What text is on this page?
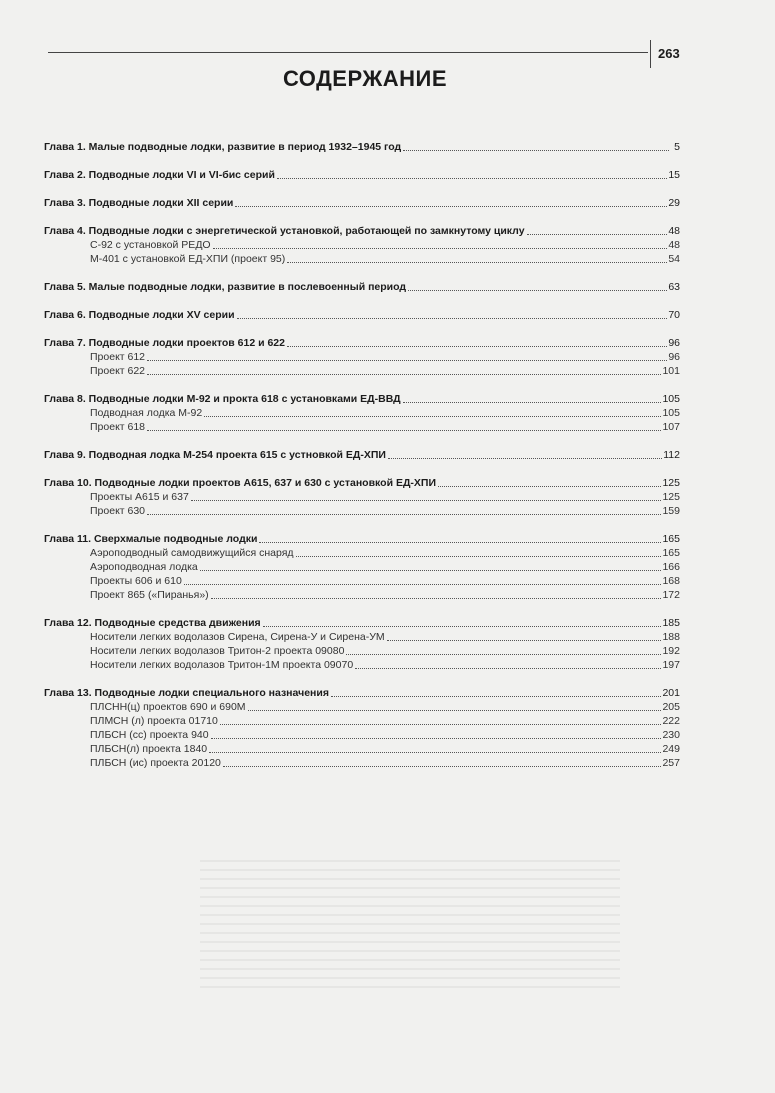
263
СОДЕРЖАНИЕ
Глава 1. Малые подводные лодки, развитие в период 1932–1945 год	5
Глава 2. Подводные лодки VI и VI-бис серий	15
Глава 3. Подводные лодки XII серии	29
Глава 4. Подводные лодки с энергетической установкой, работающей по замкнутому циклу	48
С-92 с установкой РЕДО	48
М-401 с установкой ЕД-ХПИ (проект 95)	54
Глава 5. Малые подводные лодки, развитие в послевоенный период	63
Глава 6. Подводные лодки XV серии	70
Глава 7. Подводные лодки проектов 612 и 622	96
Проект 612	96
Проект 622	101
Глава 8. Подводные лодки М-92 и прокта 618 с установками ЕД-ВВД	105
Подводная лодка М-92	105
Проект 618	107
Глава 9. Подводная лодка М-254 проекта 615 с устновкой ЕД-ХПИ	112
Глава 10. Подводные лодки проектов А615, 637 и 630 с установкой ЕД-ХПИ	125
Проекты А615 и 637	125
Проект 630	159
Глава 11. Сверхмалые подводные лодки	165
Аэроподводный самодвижущийся снаряд	165
Аэроподводная лодка	166
Проекты 606 и 610	168
Проект 865 («Пиранья»)	172
Глава 12. Подводные средства движения	185
Носители легких водолазов Сирена, Сирена-У и Сирена-УМ	188
Носители легких водолазов Тритон-2 проекта 09080	192
Носители легких водолазов Тритон-1М проекта 09070	197
Глава 13. Подводные лодки специального назначения	201
ПЛСНН(ц) проектов 690 и 690М	205
ПЛМСН (л) проекта 01710	222
ПЛБСН (сс) проекта 940	230
ПЛБСН(л) проекта 1840	249
ПЛБСН (ис) проекта 20120	257
